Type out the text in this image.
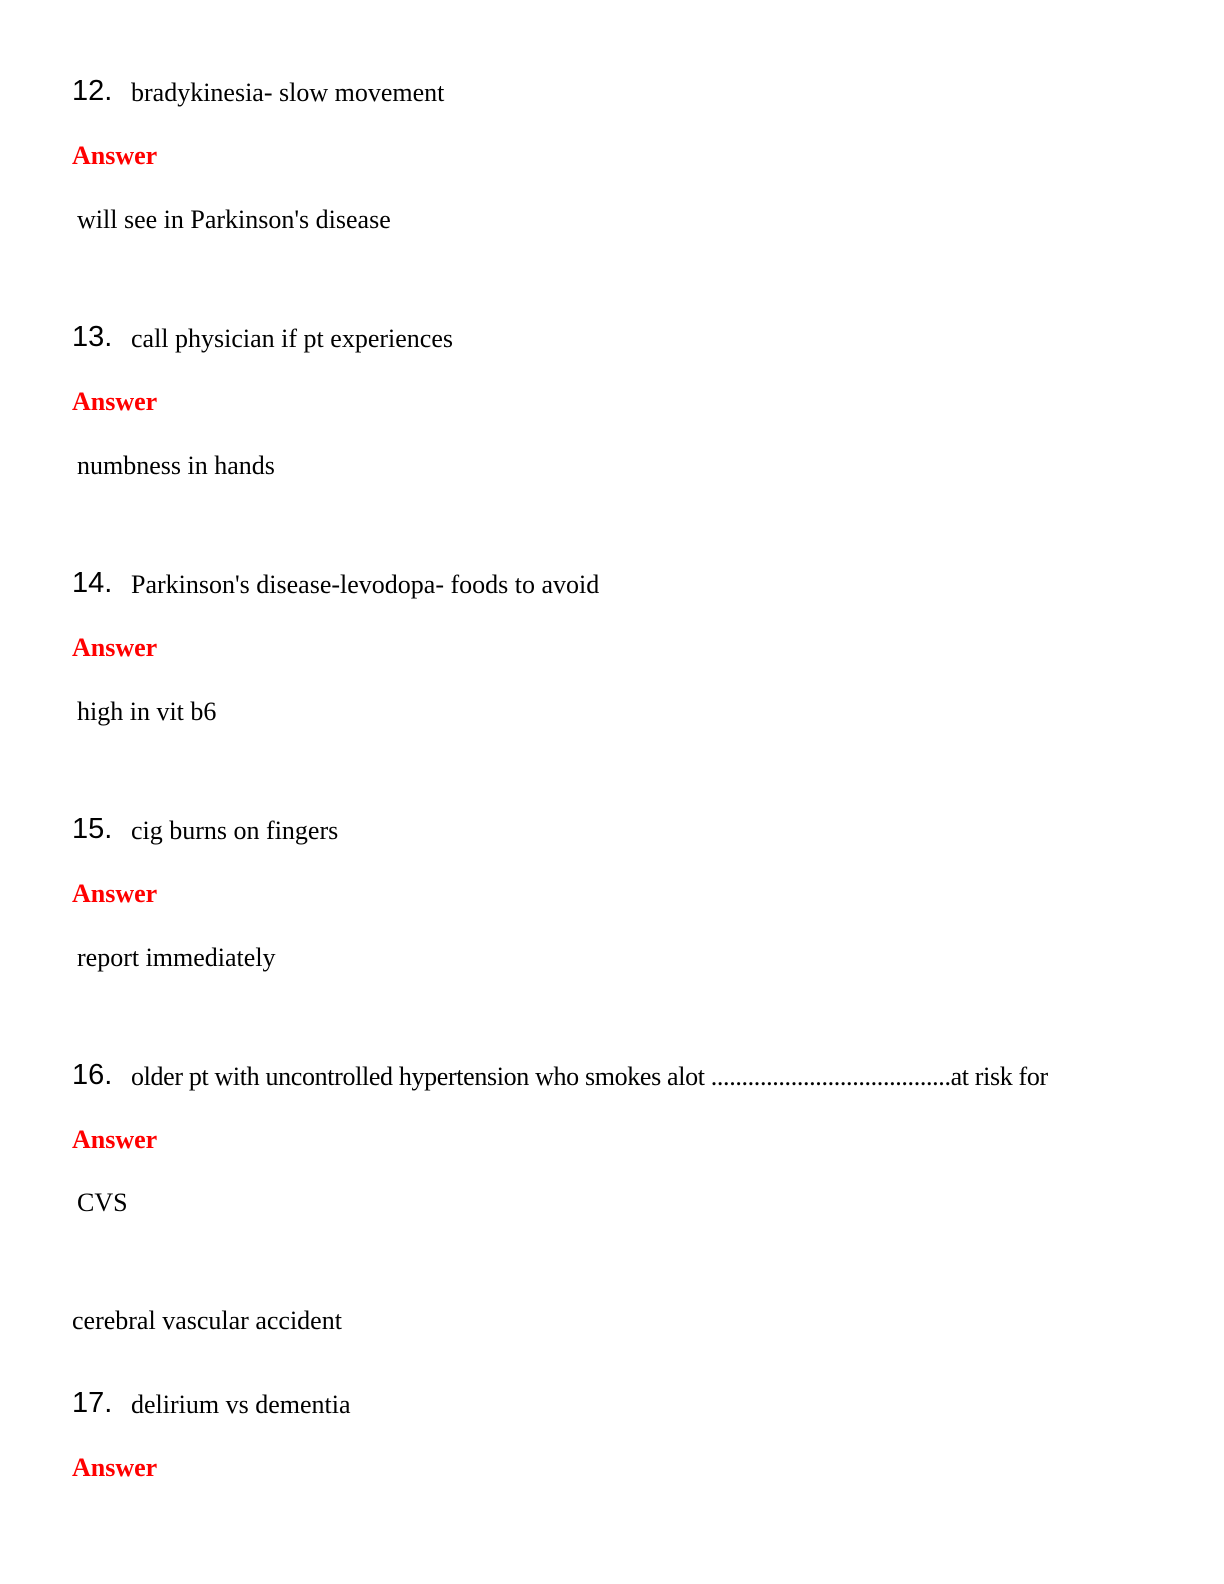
12. bradykinesia- slow movement
Answer
will see in Parkinson's disease
13. call physician if pt experiences
Answer
numbness in hands
14. Parkinson's disease-levodopa- foods to avoid
Answer
high in vit b6
15. cig burns on fingers
Answer
report immediately
16. older pt with uncontrolled hypertension who smokes alot .......................................at risk for
Answer
CVS
cerebral vascular accident
17. delirium vs dementia
Answer
